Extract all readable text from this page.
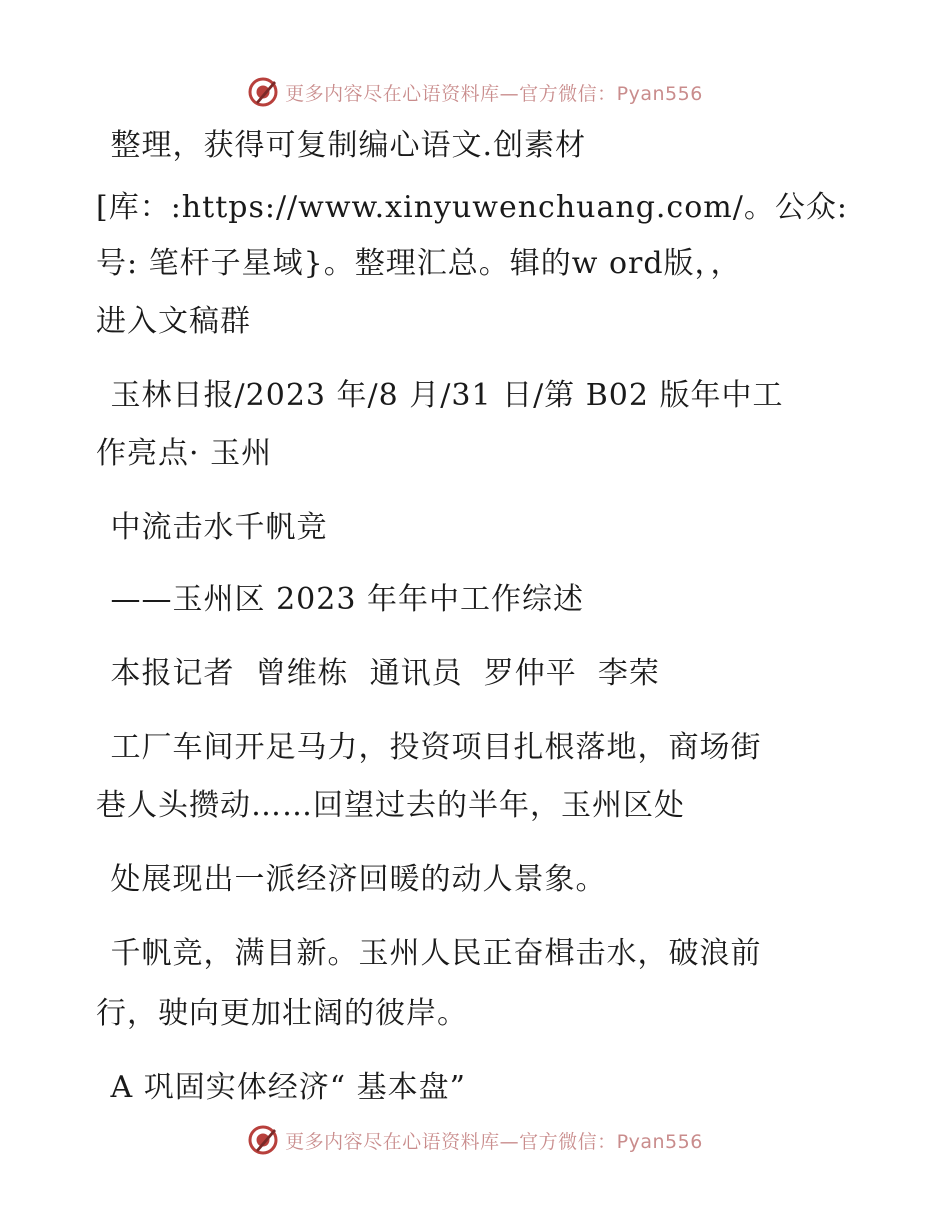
更多内容尽在心语资料库—官方微信：Pyan556

整理，获得可复制编心语文.创素材

[库：:https://www.xinyuwenchuang.com/。公众:

号: 笔杆子星域}。整理汇总。辑的w ord版，，

进入文稿群

玉林日报/2023 年/8 月/31 日/第 B02 版年中工

作亮点· 玉州

中流击水千帆竞

——玉州区 2023 年年中工作综述

本报记者  曾维栋  通讯员  罗仲平  李荣

工厂车间开足马力，投资项目扎根落地，商场街

巷人头攒动……回望过去的半年，玉州区处

处展现出一派经济回暖的动人景象。

千帆竞，满目新。玉州人民正奋楫击水，破浪前

行，驶向更加壮阔的彼岸。

A 巩固实体经济“ 基本盘”

更多内容尽在心语资料库—官方微信：Pyan556
